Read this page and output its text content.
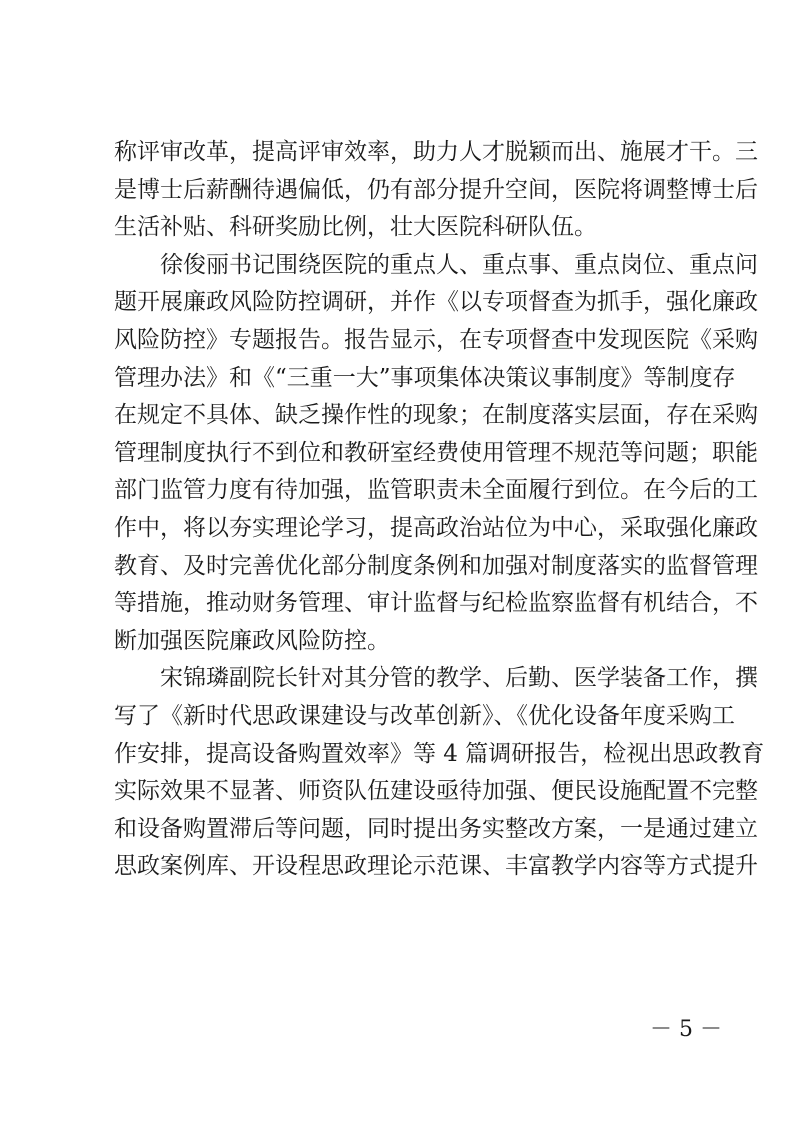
称评审改革，提高评审效率，助力人才脱颖而出、施展才干。三
是博士后薪酬待遇偏低，仍有部分提升空间，医院将调整博士后
生活补贴、科研奖励比例，壮大医院科研队伍。
徐俊丽书记围绕医院的重点人、重点事、重点岗位、重点问
题开展廉政风险防控调研，并作《以专项督查为抓手，强化廉政
风险防控》专题报告。报告显示，在专项督查中发现医院《采购
管理办法》和《“三重一大”事项集体决策议事制度》等制度存
在规定不具体、缺乏操作性的现象；在制度落实层面，存在采购
管理制度执行不到位和教研室经费使用管理不规范等问题；职能
部门监管力度有待加强，监管职责未全面履行到位。在今后的工
作中，将以夯实理论学习，提高政治站位为中心，采取强化廉政
教育、及时完善优化部分制度条例和加强对制度落实的监督管理
等措施，推动财务管理、审计监督与纪检监察监督有机结合，不
断加强医院廉政风险防控。
宋锦璘副院长针对其分管的教学、后勤、医学装备工作，撰
写了《新时代思政课建设与改革创新》、《优化设备年度采购工
作安排，提高设备购置效率》等 4 篇调研报告，检视出思政教育
实际效果不显著、师资队伍建设亟待加强、便民设施配置不完整
和设备购置滞后等问题，同时提出务实整改方案，一是通过建立
思政案例库、开设程思政理论示范课、丰富教学内容等方式提升
－ 5 －
